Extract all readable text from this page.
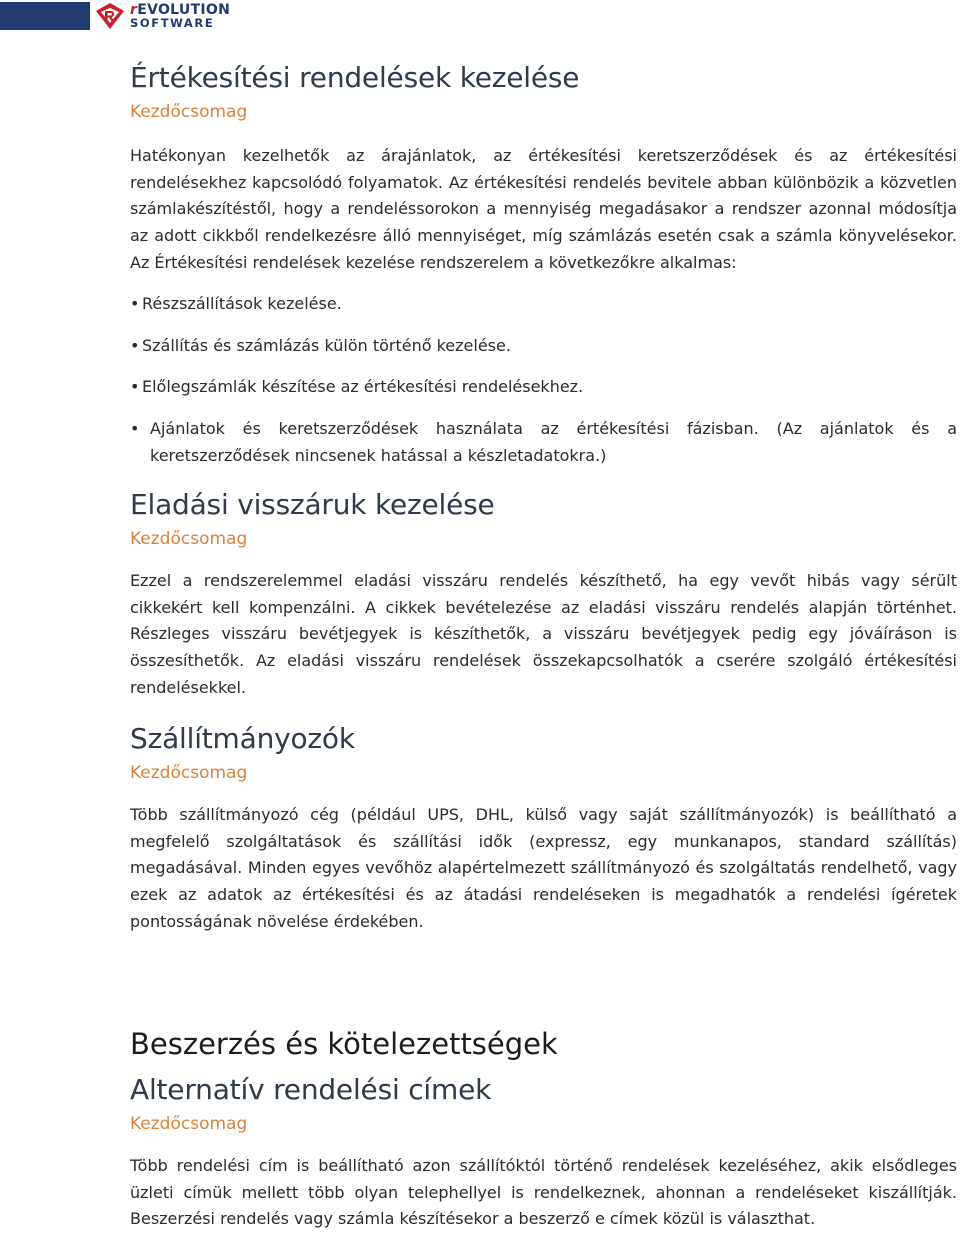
rEVOLUTION
SOFTWARE
Értékesítési rendelések kezelése
Kezdőcsomag

Hatékonyan kezelhetők az árajánlatok, az értékesítési keretszerződések és az értékesítési rendelésekhez kapcsolódó folyamatok. Az értékesítési rendelés bevitele abban különbözik a közvetlen számlakészítéstől, hogy a rendeléssorokon a mennyiség megadásakor a rendszer azonnal módosítja az adott cikkből rendelkezésre álló mennyiséget, míg számlázás esetén csak a számla könyvelésekor. Az Értékesítési rendelések kezelése rendszerelem a következőkre alkalmas:

• Részszállítások kezelése.
• Szállítás és számlázás külön történő kezelése.
• Előlegszámlák készítése az értékesítési rendelésekhez.
• Ajánlatok és keretszerződések használata az értékesítési fázisban. (Az ajánlatok és a keretszerződések nincsenek hatással a készletadatokra.)
Eladási visszáruk kezelése
Kezdőcsomag

Ezzel a rendszerelemmel eladási visszáru rendelés készíthető, ha egy vevőt hibás vagy sérült cikkekért kell kompenzálni. A cikkek bevételezése az eladási visszáru rendelés alapján történhet. Részleges visszáru bevétjegyek is készíthetők, a visszáru bevétjegyek pedig egy jóváíráson is összesíthetők. Az eladási visszáru rendelések összekapcsolhatók a cserére szolgáló értékesítési rendelésekkel.

Szállítmányozók
Kezdőcsomag

Több szállítmányozó cég (például UPS, DHL, külső vagy saját szállítmányozók) is beállítható a megfelelő szolgáltatások és szállítási idők (expressz, egy munkanapos, standard szállítás) megadásával. Minden egyes vevőhöz alapértelmezett szállítmányozó és szolgáltatás rendelhető, vagy ezek az adatok az értékesítési és az átadási rendeléseken is megadhatók a rendelési ígéretek pontosságának növelése érdekében.

Beszerzés és kötelezettségek
Alternatív rendelési címek
Kezdőcsomag

Több rendelési cím is beállítható azon szállítóktól történő rendelések kezeléséhez, akik elsődleges üzleti címük mellett több olyan telephellyel is rendelkeznek, ahonnan a rendeléseket kiszállítják. Beszerzési rendelés vagy számla készítésekor a beszerző e címek közül is választhat.
